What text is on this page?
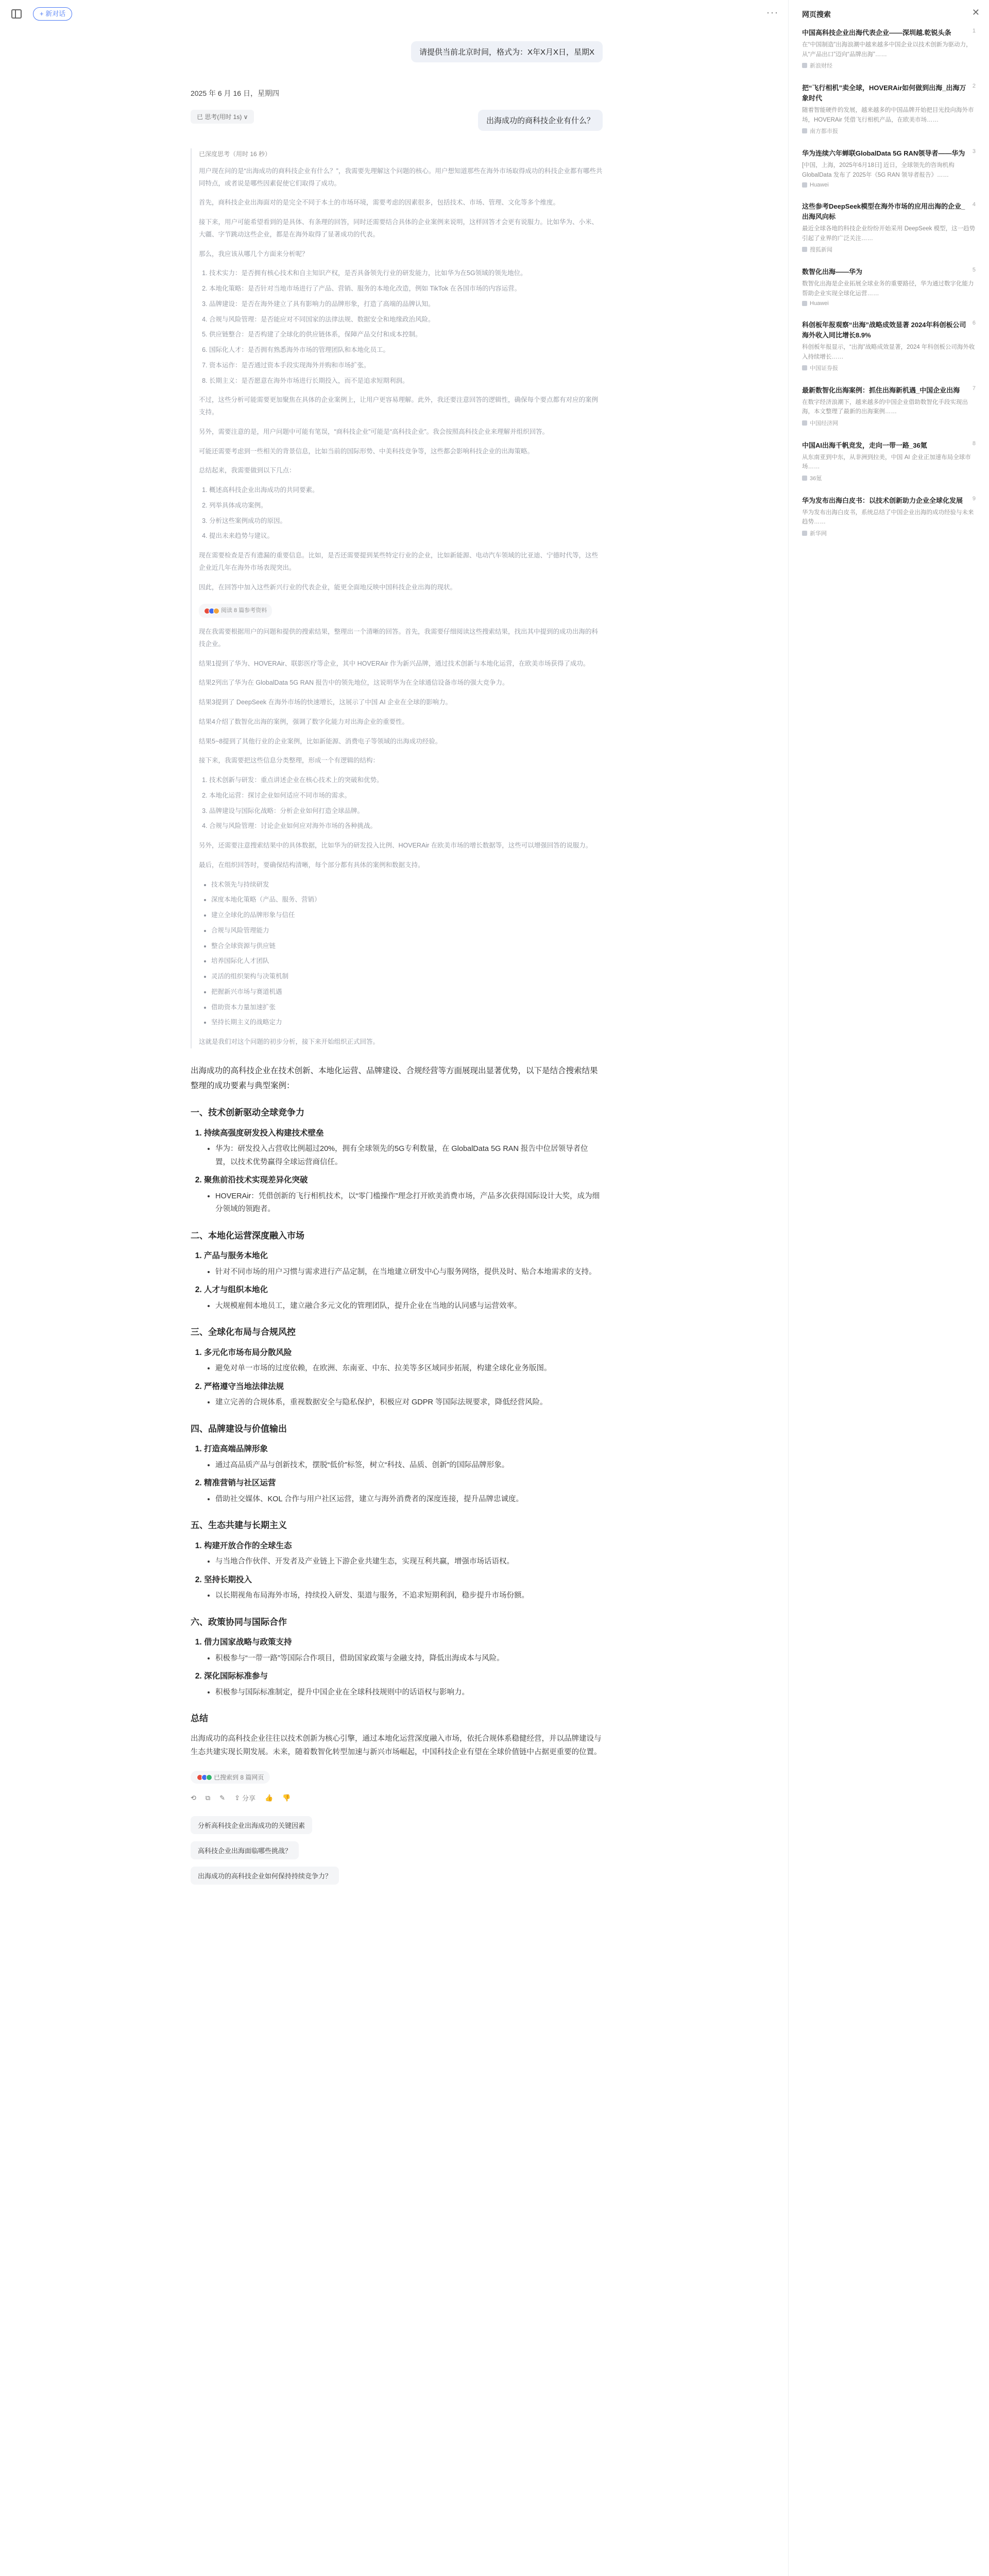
+ 新对话	···
请提供当前北京时间，格式为：X年X月X日，星期X
2025 年 6 月 16 日，星期四
已 思考(用时 1s) ∨	出海成功的商科技企业有什么？
已深度思考（用时 16 秒）

用户现在问的是“出海成功的商科技企业有什么？”，我需要先理解这个问题的核心。用户想知道那些在海外市场取得成功的科技企业都有哪些共同特点，或者说是哪些因素促使它们取得了成功。

首先，商科技企业出海面对的是完全不同于本土的市场环境，需要考虑的因素很多，包括技术、市场、管理、文化等多个维度。

接下来，用户可能希望看到的是具体、有条理的回答，同时还需要结合具体的企业案例来说明，这样回答才会更有说服力。比如华为、小米、大疆、字节跳动这些企业，都是在海外取得了显著成功的代表。

那么，我应该从哪几个方面来分析呢？

1. 技术实力：是否拥有核心技术和自主知识产权，是否具备领先行业的研发能力，比如华为在5G领域的领先地位。
2. 本地化策略：是否针对当地市场进行了产品、营销、服务的本地化改造，例如 TikTok 在各国市场的内容运营。
3. 品牌建设：是否在海外建立了具有影响力的品牌形象，打造了高端的品牌认知。
4. 合规与风险管理：是否能应对不同国家的法律法规、数据安全和地缘政治风险。
5. 供应链整合：是否构建了全球化的供应链体系，保障产品交付和成本控制。
6. 国际化人才：是否拥有熟悉海外市场的管理团队和本地化员工。
7. 资本运作：是否通过资本手段实现海外并购和市场扩张。
8. 长期主义：是否愿意在海外市场进行长期投入，而不是追求短期利润。

不过，这些分析可能需要更加聚焦在具体的企业案例上，让用户更容易理解。此外，我还要注意回答的逻辑性，确保每个要点都有对应的案例支持。

另外，需要注意的是，用户问题中可能有笔误，“商科技企业”可能是“高科技企业”。我会按照高科技企业来理解并组织回答。

可能还需要考虑到一些相关的背景信息，比如当前的国际形势、中美科技竞争等，这些都会影响科技企业的出海策略。

总结起来，我需要做到以下几点：

1. 概述高科技企业出海成功的共同要素。
2. 列举具体成功案例。
3. 分析这些案例成功的原因。
4. 提出未来趋势与建议。

现在需要检查是否有遗漏的重要信息。比如，是否还需要提到某些特定行业的企业，比如新能源、电动汽车领域的比亚迪、宁德时代等，这些企业近几年在海外市场表现突出。

因此，在回答中加入这些新兴行业的代表企业，能更全面地反映中国科技企业出海的现状。

阅读 8 篇参考资料

现在我需要根据用户的问题和提供的搜索结果，整理出一个清晰的回答。首先，我需要仔细阅读这些搜索结果，找出其中提到的成功出海的科技企业。

结果1提到了华为、HOVERAir、联影医疗等企业，其中 HOVERAir 作为新兴品牌，通过技术创新与本地化运营，在欧美市场获得了成功。

结果2列出了华为在 GlobalData 5G RAN 报告中的领先地位，这说明华为在全球通信设备市场的强大竞争力。

结果3提到了 DeepSeek 在海外市场的快速增长，这展示了中国 AI 企业在全球的影响力。

结果4介绍了数智化出海的案例，强调了数字化能力对出海企业的重要性。

结果5~8提到了其他行业的企业案例，比如新能源、消费电子等领域的出海成功经验。

接下来，我需要把这些信息分类整理，形成一个有逻辑的结构：

1. 技术创新与研发：重点讲述企业在核心技术上的突破和优势。
2. 本地化运营：探讨企业如何适应不同市场的需求。
3. 品牌建设与国际化战略：分析企业如何打造全球品牌。
4. 合规与风险管理：讨论企业如何应对海外市场的各种挑战。

另外，还需要注意搜索结果中的具体数据，比如华为的研发投入比例、HOVERAir 在欧美市场的增长数据等，这些可以增强回答的说服力。

最后，在组织回答时，要确保结构清晰，每个部分都有具体的案例和数据支持。

• 技术领先与持续研发
• 深度本地化策略（产品、服务、营销）
• 建立全球化的品牌形象与信任
• 合规与风险管理能力
• 整合全球资源与供应链
• 培养国际化人才团队
• 灵活的组织架构与决策机制
• 把握新兴市场与赛道机遇
• 借助资本力量加速扩张
• 坚持长期主义的战略定力

这就是我们对这个问题的初步分析，接下来开始组织正式回答。

出海成功的高科技企业在技术创新、本地化运营、品牌建设、合规经营等方面展现出显著优势，以下是结合搜索结果整理的成功要素与典型案例：

一、技术创新驱动全球竞争力
1. 持续高强度研发投入构建技术壁垒
• 华为：研发投入占营收比例超过20%，拥有全球领先的5G专利数量，在 GlobalData 5G RAN 报告中位居领导者位置，以技术优势赢得全球运营商信任。
2. 聚焦前沿技术实现差异化突破
• HOVERAir：凭借创新的飞行相机技术，以“零门槛操作”理念打开欧美消费市场，产品多次获得国际设计大奖，成为细分领域的领跑者。
二、本地化运营深度融入市场
1. 产品与服务本地化
• 针对不同市场的用户习惯与需求进行产品定制，在当地建立研发中心与服务网络，提供及时、贴合本地需求的支持。
2. 人才与组织本地化
• 大规模雇佣本地员工，建立融合多元文化的管理团队，提升企业在当地的认同感与运营效率。
三、全球化布局与合规风控
1. 多元化市场布局分散风险
• 避免对单一市场的过度依赖，在欧洲、东南亚、中东、拉美等多区域同步拓展，构建全球化业务版图。
2. 严格遵守当地法律法规
• 建立完善的合规体系，重视数据安全与隐私保护，积极应对 GDPR 等国际法规要求，降低经营风险。
四、品牌建设与价值输出
1. 打造高端品牌形象
• 通过高品质产品与创新技术，摆脱“低价”标签，树立“科技、品质、创新”的国际品牌形象。
2. 精准营销与社区运营
• 借助社交媒体、KOL 合作与用户社区运营，建立与海外消费者的深度连接，提升品牌忠诚度。
五、生态共建与长期主义
1. 构建开放合作的全球生态
• 与当地合作伙伴、开发者及产业链上下游企业共建生态，实现互利共赢，增强市场话语权。
2. 坚持长期投入
• 以长期视角布局海外市场，持续投入研发、渠道与服务，不追求短期利润，稳步提升市场份额。
六、政策协同与国际合作
1. 借力国家战略与政策支持
• 积极参与“一带一路”等国际合作项目，借助国家政策与金融支持，降低出海成本与风险。
2. 深化国际标准参与
• 积极参与国际标准制定，提升中国企业在全球科技规则中的话语权与影响力。
总结

出海成功的高科技企业往往以技术创新为核心引擎，通过本地化运营深度融入市场，依托合规体系稳健经营，并以品牌建设与生态共建实现长期发展。未来，随着数智化转型加速与新兴市场崛起，中国科技企业有望在全球价值链中占据更重要的位置。

已搜索到 8 篇网页
⟲ ⧉ ✎ ⇪ 分享 👍 👎
分析高科技企业出海成功的关键因素
高科技企业出海面临哪些挑战？
出海成功的高科技企业如何保持持续竞争力？
网页搜索	✕
中国高科技企业出海代表企业——深圳越.乾锐头条
在“中国制造”出海浪潮中越来越多中国企业以技术创新为驱动力，从“产品出口”迈向“品牌出海”……
新浪财经
1
把“飞行相机”卖全球，HOVERAir如何做到出海_出海万象时代
随着智能硬件的发展，越来越多的中国品牌开始把目光投向海外市场，HOVERAir 凭借飞行相机产品，在欧美市场……
南方都市报
2
华为连续六年蝉联GlobalData 5G RAN领导者——华为
[中国，上海，2025年6月18日] 近日，全球领先的咨询机构 GlobalData 发布了 2025年《5G RAN 领导者报告》……
Huawei
3
这些参考DeepSeek模型在海外市场的应用出海的企业_出海风向标
最近全球各地的科技企业纷纷开始采用 DeepSeek 模型，这一趋势引起了业界的广泛关注……
搜狐新闻
4
数智化出海——华为
数智化出海是企业拓展全球业务的重要路径，华为通过数字化能力帮助企业实现全球化运营……
Huawei
5
科创板年报观察“出海”战略成效显著 2024年科创板公司海外收入同比增长8.9%
科创板年报显示，“出海”战略成效显著，2024 年科创板公司海外收入持续增长……
中国证券报
6
最新数智化出海案例：抓住出海新机遇_中国企业出海
在数字经济浪潮下，越来越多的中国企业借助数智化手段实现出海，本文整理了最新的出海案例……
中国经济网
7
中国AI出海千帆竞发，走向一带一路_36氪
从东南亚到中东，从非洲到拉美，中国 AI 企业正加速布局全球市场……
36氪
8
华为发布出海白皮书：以技术创新助力企业全球化发展
华为发布出海白皮书，系统总结了中国企业出海的成功经验与未来趋势……
新华网
9
